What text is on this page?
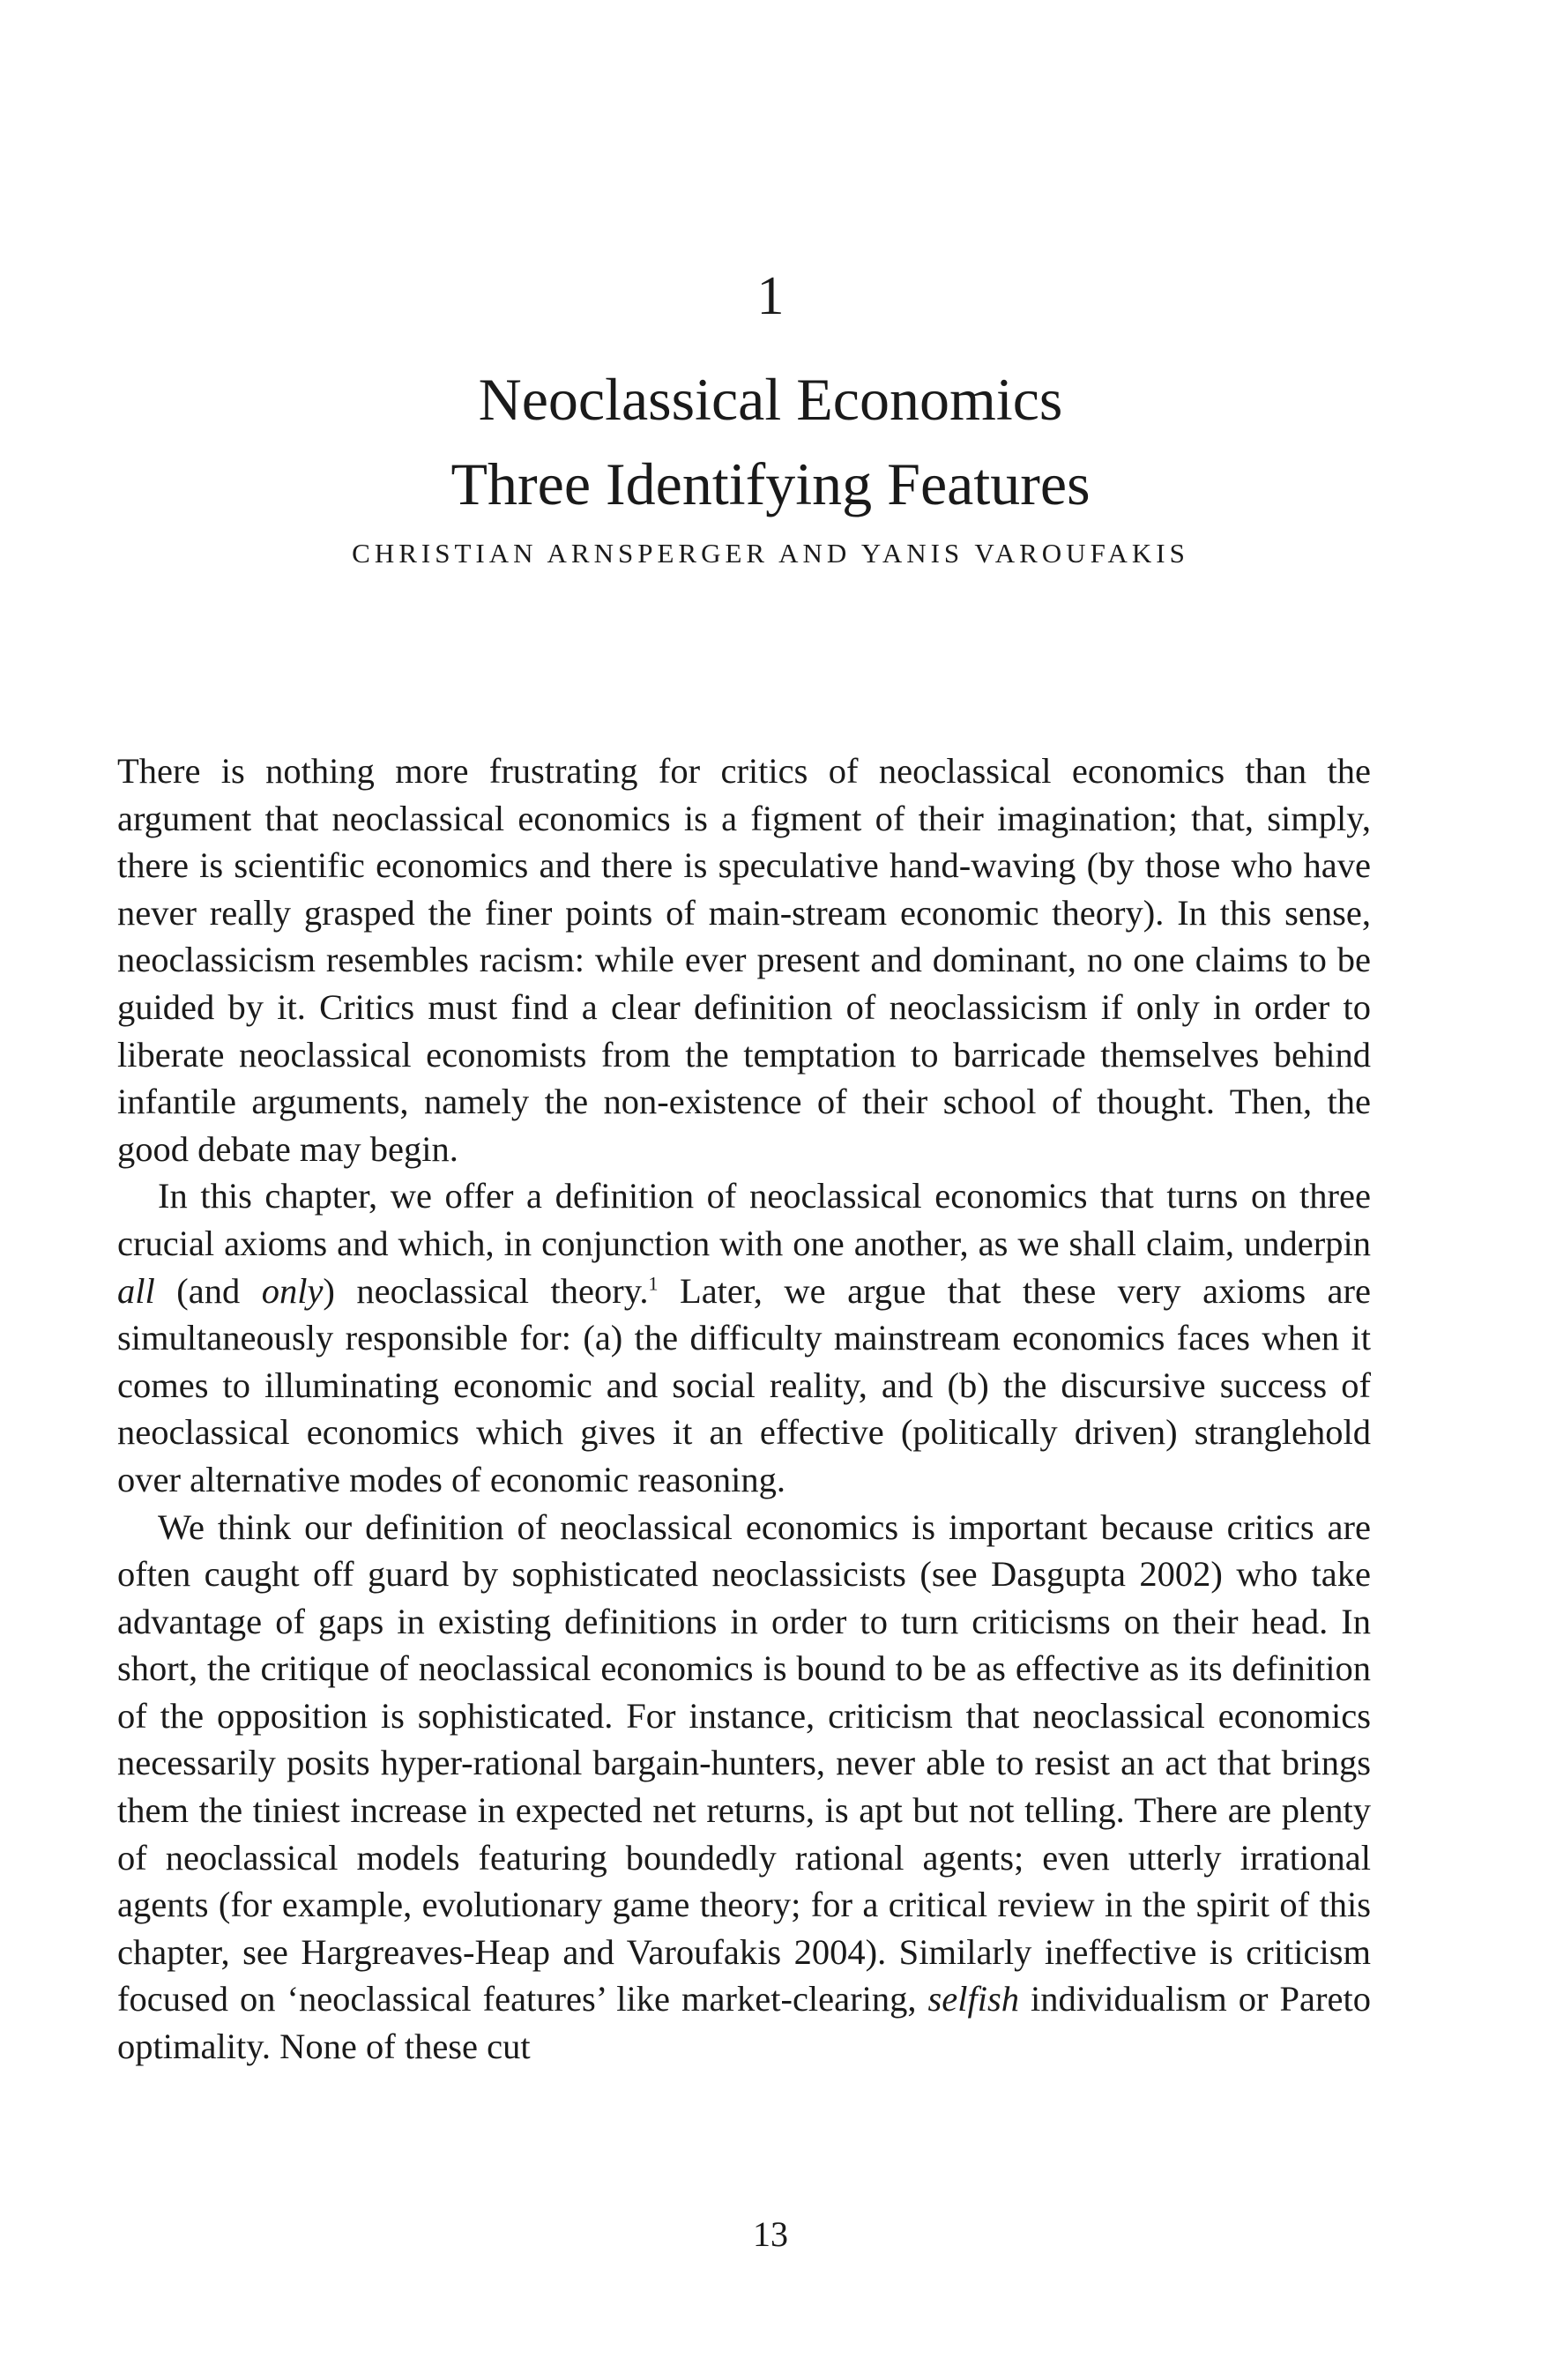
1
Neoclassical Economics
Three Identifying Features
CHRISTIAN ARNSPERGER AND YANIS VAROUFAKIS

There is nothing more frustrating for critics of neoclassical economics than the argument that neoclassical economics is a figment of their imagination; that, simply, there is scientific economics and there is speculative hand-waving (by those who have never really grasped the finer points of main-stream economic theory). In this sense, neoclassicism resembles racism: while ever present and dominant, no one claims to be guided by it. Critics must find a clear definition of neoclassicism if only in order to liberate neoclassical economists from the temptation to barricade themselves behind infantile arguments, namely the non-existence of their school of thought. Then, the good debate may begin.

In this chapter, we offer a definition of neoclassical economics that turns on three crucial axioms and which, in conjunction with one another, as we shall claim, underpin all (and only) neoclassical theory.$^1$ Later, we argue that these very axioms are simultaneously responsible for: (a) the difficulty mainstream economics faces when it comes to illuminating economic and social reality, and (b) the discursive success of neoclassical economics which gives it an effective (politically driven) stranglehold over alternative modes of economic reasoning.

We think our definition of neoclassical economics is important because critics are often caught off guard by sophisticated neoclassicists (see Dasgupta 2002) who take advantage of gaps in existing definitions in order to turn criticisms on their head. In short, the critique of neoclassical economics is bound to be as effective as its definition of the opposition is sophisticated. For instance, criticism that neoclassical economics necessarily posits hyper-rational bargain-hunters, never able to resist an act that brings them the tiniest increase in expected net returns, is apt but not telling. There are plenty of neoclassical models featuring boundedly rational agents; even utterly irrational agents (for example, evolutionary game theory; for a critical review in the spirit of this chapter, see Hargreaves-Heap and Varoufakis 2004). Similarly ineffective is criticism focused on ‘neoclassical features’ like market-clearing, selfish individualism or Pareto optimality. None of these cut

13
